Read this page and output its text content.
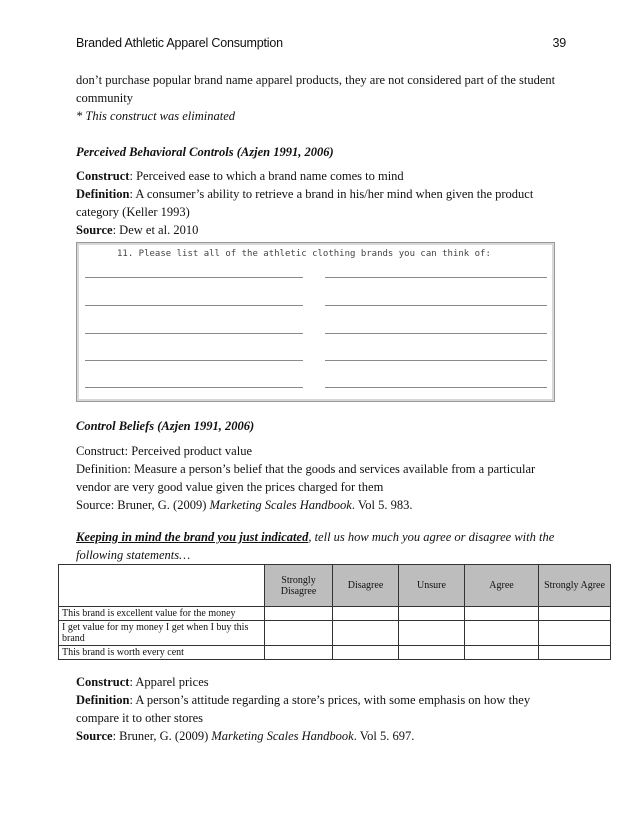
Branded Athletic Apparel Consumption	39

don’t purchase popular brand name apparel products, they are not considered part of the student community

* This construct was eliminated

Perceived Behavioral Controls (Azjen 1991, 2006)

Construct: Perceived ease to which a brand name comes to mind

Definition: A consumer’s ability to retrieve a brand in his/her mind when given the product category (Keller 1993)

Source: Dew et al. 2010

11. Please list all of the athletic clothing brands you can think of:

Control Beliefs (Azjen 1991, 2006)

Construct: Perceived product value

Definition: Measure a person’s belief that the goods and services available from a particular vendor are very good value given the prices charged for them

Source: Bruner, G. (2009) Marketing Scales Handbook. Vol 5. 983.

Keeping in mind the brand you just indicated, tell us how much you agree or disagree with the following statements…

	Strongly Disagree	Disagree	Unsure	Agree	Strongly Agree
This brand is excellent value for the money					
I get value for my money I get when I buy this brand					
This brand is worth every cent					

Construct: Apparel prices

Definition: A person’s attitude regarding a store’s prices, with some emphasis on how they compare it to other stores

Source: Bruner, G. (2009) Marketing Scales Handbook. Vol 5. 697.
